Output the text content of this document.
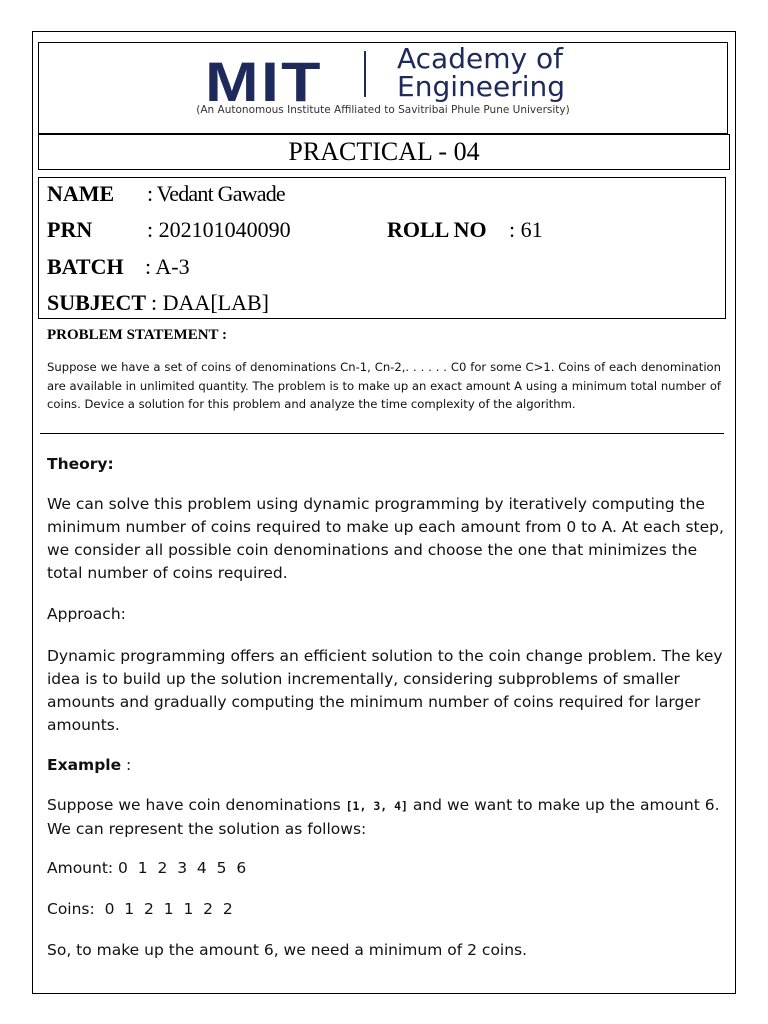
MIT	Academy of
Engineering
(An Autonomous Institute Affiliated to Savitribai Phule Pune University)
PRACTICAL - 04
NAME : Vedant Gawade
PRN : 202101040090	ROLL NO : 61
BATCH : A-3
SUBJECT : DAA[LAB]
PROBLEM STATEMENT :
Suppose we have a set of coins of denominations Cn-1, Cn-2,. . . . . . C0 for some C>1. Coins of each denomination are available in unlimited quantity. The problem is to make up an exact amount A using a minimum total number of coins. Device a solution for this problem and analyze the time complexity of the algorithm.
Theory:
We can solve this problem using dynamic programming by iteratively computing the minimum number of coins required to make up each amount from 0 to A. At each step, we consider all possible coin denominations and choose the one that minimizes the total number of coins required.
Approach:
Dynamic programming offers an efficient solution to the coin change problem. The key idea is to build up the solution incrementally, considering subproblems of smaller amounts and gradually computing the minimum number of coins required for larger amounts.
Example :
Suppose we have coin denominations [1, 3, 4] and we want to make up the amount 6. We can represent the solution as follows:
Amount: 0  1  2  3  4  5  6
Coins:  0  1  2  1  1  2  2
So, to make up the amount 6, we need a minimum of 2 coins.
